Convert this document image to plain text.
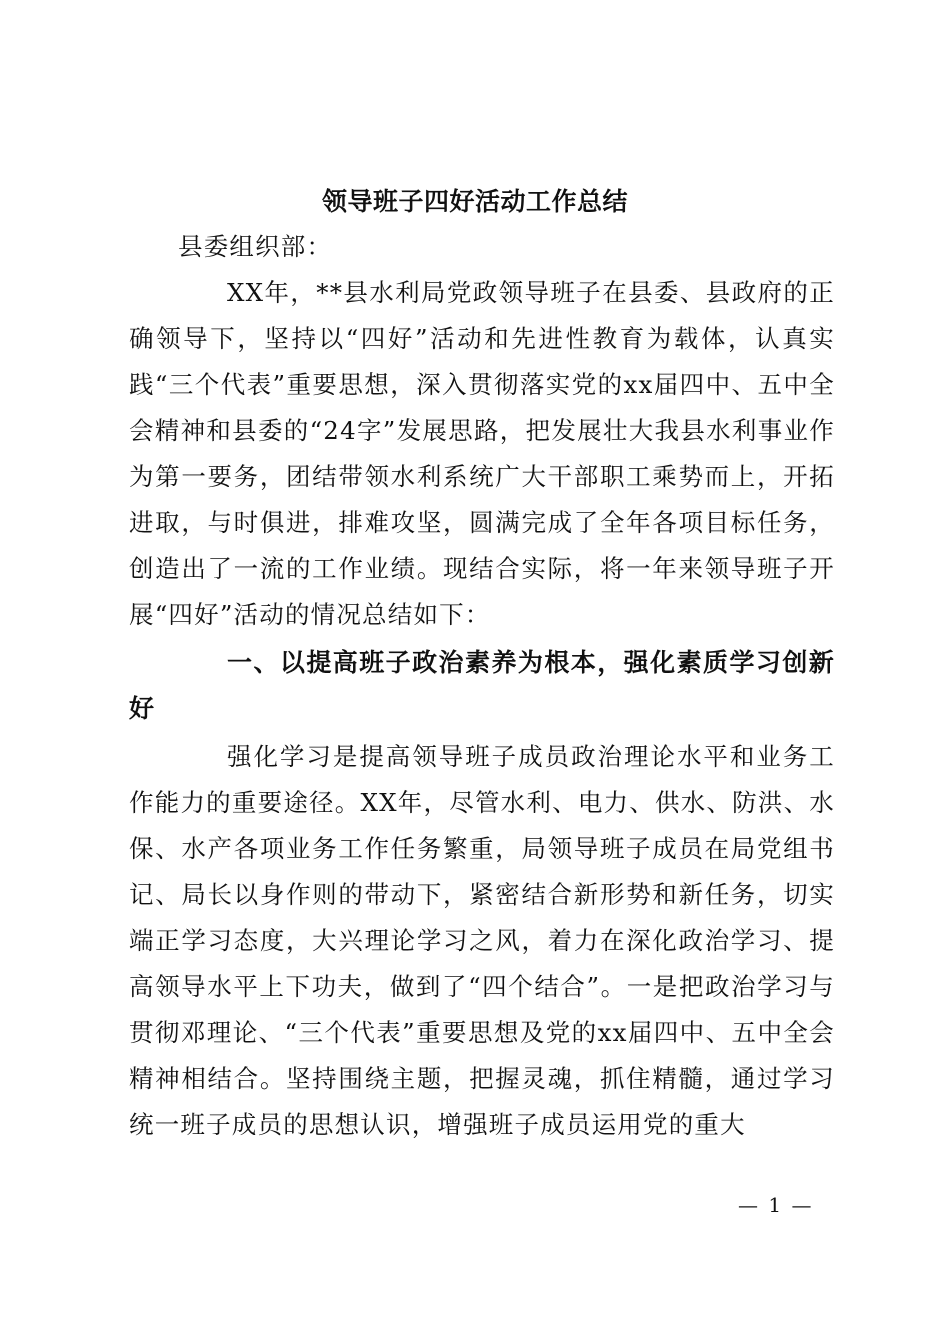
领导班子四好活动工作总结

县委组织部：

XX年，**县水利局党政领导班子在县委、县政府的正确领导下，坚持以“四好”活动和先进性教育为载体，认真实践“三个代表”重要思想，深入贯彻落实党的xx届四中、五中全会精神和县委的“24字”发展思路，把发展壮大我县水利事业作为第一要务，团结带领水利系统广大干部职工乘势而上，开拓进取，与时俱进，排难攻坚，圆满完成了全年各项目标任务，创造出了一流的工作业绩。现结合实际，将一年来领导班子开展“四好”活动的情况总结如下：

一、以提高班子政治素养为根本，强化素质学习创新好

强化学习是提高领导班子成员政治理论水平和业务工作能力的重要途径。XX年，尽管水利、电力、供水、防洪、水保、水产各项业务工作任务繁重，局领导班子成员在局党组书记、局长以身作则的带动下，紧密结合新形势和新任务，切实端正学习态度，大兴理论学习之风，着力在深化政治学习、提高领导水平上下功夫，做到了“四个结合”。一是把政治学习与贯彻邓理论、“三个代表”重要思想及党的xx届四中、五中全会精神相结合。坚持围绕主题，把握灵魂，抓住精髓，通过学习统一班子成员的思想认识，增强班子成员运用党的重大

— 1 —
